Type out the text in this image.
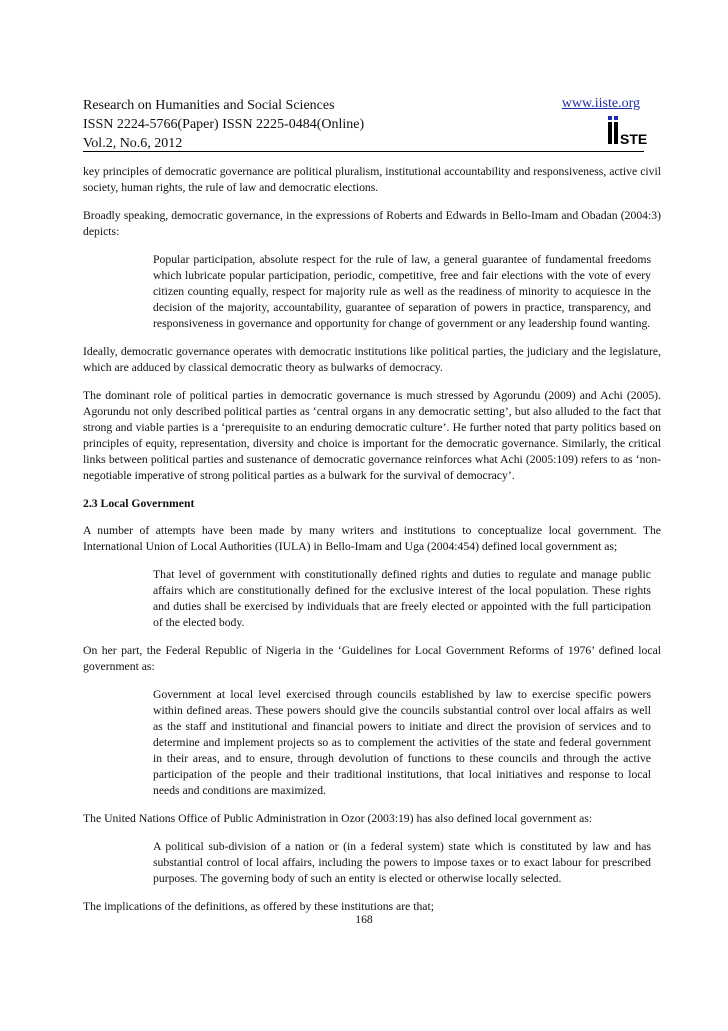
Research on Humanities and Social Sciences
ISSN 2224-5766(Paper) ISSN 2225-0484(Online)
Vol.2, No.6, 2012
www.iiste.org
STE

key principles of democratic governance are political pluralism, institutional accountability and responsiveness, active civil society, human rights, the rule of law and democratic elections.

Broadly speaking, democratic governance, in the expressions of Roberts and Edwards in Bello-Imam and Obadan (2004:3) depicts:

Popular participation, absolute respect for the rule of law, a general guarantee of fundamental freedoms which lubricate popular participation, periodic, competitive, free and fair elections with the vote of every citizen counting equally, respect for majority rule as well as the readiness of minority to acquiesce in the decision of the majority, accountability, guarantee of separation of powers in practice, transparency, and responsiveness in governance and opportunity for change of government or any leadership found wanting.

Ideally, democratic governance operates with democratic institutions like political parties, the judiciary and the legislature, which are adduced by classical democratic theory as bulwarks of democracy.

The dominant role of political parties in democratic governance is much stressed by Agorundu (2009) and Achi (2005). Agorundu not only described political parties as ‘central organs in any democratic setting’, but also alluded to the fact that strong and viable parties is a ‘prerequisite to an enduring democratic culture’. He further noted that party politics based on principles of equity, representation, diversity and choice is important for the democratic governance. Similarly, the critical links between political parties and sustenance of democratic governance reinforces what Achi (2005:109) refers to as ‘non-negotiable imperative of strong political parties as a bulwark for the survival of democracy’.

2.3 Local Government

A number of attempts have been made by many writers and institutions to conceptualize local government. The International Union of Local Authorities (IULA) in Bello-Imam and Uga (2004:454) defined local government as;

That level of government with constitutionally defined rights and duties to regulate and manage public affairs which are constitutionally defined for the exclusive interest of the local population. These rights and duties shall be exercised by individuals that are freely elected or appointed with the full participation of the elected body.

On her part, the Federal Republic of Nigeria in the ‘Guidelines for Local Government Reforms of 1976’ defined local government as:

Government at local level exercised through councils established by law to exercise specific powers within defined areas. These powers should give the councils substantial control over local affairs as well as the staff and institutional and financial powers to initiate and direct the provision of services and to determine and implement projects so as to complement the activities of the state and federal government in their areas, and to ensure, through devolution of functions to these councils and through the active participation of the people and their traditional institutions, that local initiatives and response to local needs and conditions are maximized.

The United Nations Office of Public Administration in Ozor (2003:19) has also defined local government as:

A political sub-division of a nation or (in a federal system) state which is constituted by law and has substantial control of local affairs, including the powers to impose taxes or to exact labour for prescribed purposes. The governing body of such an entity is elected or otherwise locally selected.

The implications of the definitions, as offered by these institutions are that;

168
